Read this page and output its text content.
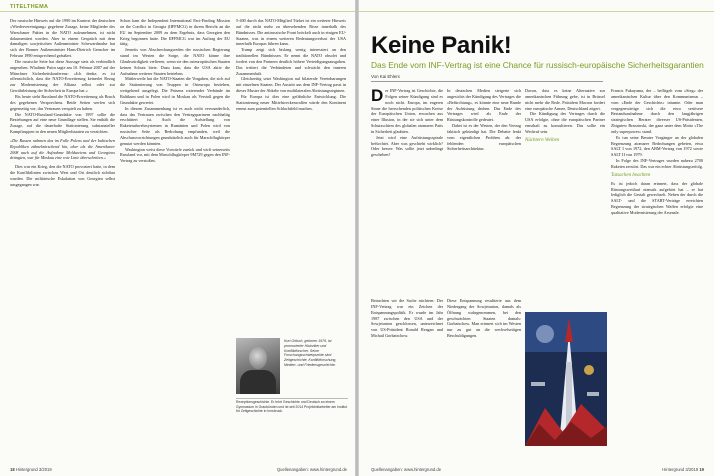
TITELTHEMA

Der russische Hinweis auf die 1990 im Kontext der deutschen »Wiedervereinigung« gegebene Zusage, keine Mitglieder des Warschauer Paktes in die NATO aufzunehmen, ist nicht dokumentiert worden. Aber in einem Gespräch mit dem damaligen sowjetischen Außenminister Schewardnadse hat sich der Bonner Außenminister Hans-Dietrich Genscher im Februar 1990 entsprechend geäußert.

Die russische Seite hat diese Aussage stets als verbindlich angesehen. Wladimir Putin sagte am 10. Februar 2007 auf der Münchner Sicherheitskonferenz: »Ich denke, es ist offensichtlich, dass die NATO-Erweiterung keinerlei Bezug zur Modernisierung der Allianz selbst oder zur Gewährleistung der Sicherheit in Europa hat.«

Bis heute sieht Russland die NATO-Erweiterung als Bruch des gegebenen Versprechens. Beide Seiten werfen sich gegenseitig vor, das Vertrauen verspielt zu haben.

Die NATO-Russland-Grundakte von 1997 sollte die Beziehungen auf eine neue Grundlage stellen. Sie enthält die Zusage, auf die dauerhafte Stationierung substanzieller Kampftruppen in den neuen Mitgliedstaaten zu verzichten.

»Die Russen nahmen das im Falle Polens und der baltischen Republiken zähneknirschend hin, aber als die Amerikaner 2008 auch auf die Aufnahme Moldawiens und Georgiens drängten, war für Moskau eine rote Linie überschritten.«

Dies war ein Krieg, den die NATO provoziert hatte, in dem die Konfliktlinien zwischen West und Ost deutlich sichtbar wurden. Die militärische Eskalation von Georgien selbst ausgegangen war.

Schon kam die Independent International Fact-Finding Mission on the Conflict in Georgia (IIFFMCG) in ihrem Bericht an die EU im September 2009 zu dem Ergebnis, dass Georgien den Krieg begonnen hatte. Die IIFFMCG war im Auftrag der EU tätig.

Jenseits von Abschreckungsreden der russischen Regierung stand im Westen die Sorge, die NATO könne ihre Glaubwürdigkeit verlieren, wenn sie den osteuropäischen Staaten keinen Schutz biete. Dazu kam, dass die USA aktiv die Aufnahme weiterer Staaten betrieben.

Mittlerweile hat die NATO-Staaten die Vorgaben, die sich auf die Stationierung von Truppen in Osteuropa beziehen, weitgehend ausgelegt. Die Präsenz rotierender Verbände im Baltikum und in Polen wird in Moskau als Verstoß gegen die Grundakte gewertet.

In diesem Zusammenhang ist es auch nicht verwunderlich, dass das Vertrauen zwischen den Vertragspartnern nachhaltig erschüttert ist. Auch die Aufstellung von Raketenabwehrsystemen in Rumänien und Polen wird von russischer Seite als Bedrohung empfunden, weil die Abschussvorrichtungen grundsätzlich auch für Marschflugkörper genutzt werden könnten.

Washington weist diese Vorwürfe zurück und wirft seinerseits Russland vor, mit dem Marschflugkörper 9M729 gegen den INF-Vertrag zu verstoßen.

5-400 durch das NATO-Mitglied Türkei ist ein weiterer Hinweis auf die nicht mehr zu übersehenden Risse innerhalb des Bündnisses. Die antirussische Front bröckelt auch in einigen EU-Staaten, was in einem weiteren Bedeutungsverlust der USA innerhalb Europas führen kann.

Trump zeigt sich bislang wenig interessiert an den traditionellen Bündnissen. Er nennt die NATO obsolet und fordert von den Partnern deutlich höhere Verteidigungsausgaben. Das irritiert die Verbündeten und schwächt den inneren Zusammenhalt.

Gleichzeitig setzt Washington auf bilaterale Vereinbarungen mit einzelnen Staaten. Der Austritt aus dem INF-Vertrag passt in dieses Muster der Abkehr von multilateralen Abrüstungsregimen.

Für Europa ist dies eine gefährliche Entwicklung. Die Stationierung neuer Mittelstreckenwaffen würde den Kontinent erneut zum potentiellen Schlachtfeld machen.

Kurt Gritsch, geboren 1976, ist promovierter Historiker und Konfliktforscher. Seine Forschungsschwerpunkte sind Zeitgeschichte, Konfliktforschung, Medien- und Friedensgeschichte.
Rezeptionsgeschichte. Er lehrt Geschichte und Deutsch an einem Gymnasium in Graubünden und ist seit 2014 Projektmitarbeiter am Institut für Zeitgeschichte in Innsbruck.
18 Hintergrund 3/2019	Quellenangaben: www.hintergrund.de
Keine Panik!
Das Ende vom INF-Vertrag ist eine Chance für russisch-europäische Sicherheitsgarantien
Von Kai Ehlers
D er INF-Vertrag ist Geschichte, die Folgen seiner Kündigung sind es noch nicht. Europa, im engeren Sinne die herrschenden politischen Kreise der Europäischen Union, erwachen aus einer Illusion, in der sie sich unter dem Schutzschirm des globalen atomaren Patts in Sicherheit glaubten.

Jetzt wird eine Aufrüstungsspirale befürchtet. Aber was geschieht wirklich? Oder besser: Was sollte jetzt unbedingt geschehen?

In deutschen Medien steigerte sich angesichts der Kündigung des Vertrages die »Befürchtung«, es könnte eine neue Runde der Aufrüstung drohen. Das Ende des Vertrages wird als Ende der Rüstungskontrolle gedeutet.

Dabei ist es der Westen, der den Vertrag faktisch gekündigt hat. Die Debatte lenkt vom eigentlichen Problem ab: der fehlenden europäischen Sicherheitsarchitektur.

Davon, dass es keine Alternative zur amerikanischen Führung gebe, ist in Brüssel nicht mehr die Rede. Präsident Macron fordert eine europäische Armee, Deutschland zögert.

Die Kündigung des Vertrages durch die USA erfolgte, ohne die europäischen Partner ernsthaft zu konsultieren. Das sollte ein Weckruf sein.

Nüchtern Weiben

Francis Fukuyama, der – befliigelt vom »Sieg« der amerikanischen Kultur über den Kommunismus – vom »Ende der Geschichte« träumte. Oder man vergegenwärtige sich die etwa seriösere Bestandsaufnahme durch den langjährigen strategischen Berater diverser US-Präsidenten, Zbigniew Brzezinski, der ganz unter dem Motto »The only superpower« stand.

Es tun seine Berater Vorgänger an der globalen Begrenzung atomarer Bedrohungen gebeten, etwa SALT I von 1972, den ABM-Vertrag von 1972 sowie SALT II von 1979.

In Folge des INF-Vertrages wurden nahezu 2700 Raketen zerstört. Das war ein echter Abrüstungserfolg.

Tatsachen beachten

Es ist jedoch daran erinnert, dass der globale Rüstungswettlauf niemals aufgehört hat – er hat lediglich die Gestalt gewechselt. Neben der durch die SALT- und die START-Verträge erreichten Begrenzung der strategischen Waffen erfolgte eine qualitative Modernisierung der Arsenale.

Betrachten wir die Sache nüchtern: Der INF-Vertrag war ein Zeichen der Entspannungspolitik. Er wurde im Jahr 1987 zwischen den USA und der Sowjetunion geschlossen, unterzeichnet von US-Präsident Ronald Reagan und Michail Gorbatschow.

Diese Entspannung resultierte aus dem Niedergang der Sowjetunion, damals als Öffnung wahrgenommen, bei den geschwächten Staaten damals: Gorbatschow. Man erinnert sich im Westen nur zu gut an die wechselseitigen Beschuldigungen.

Quellenangaben: www.hintergrund.de	Hintergrund 3/2019 19
